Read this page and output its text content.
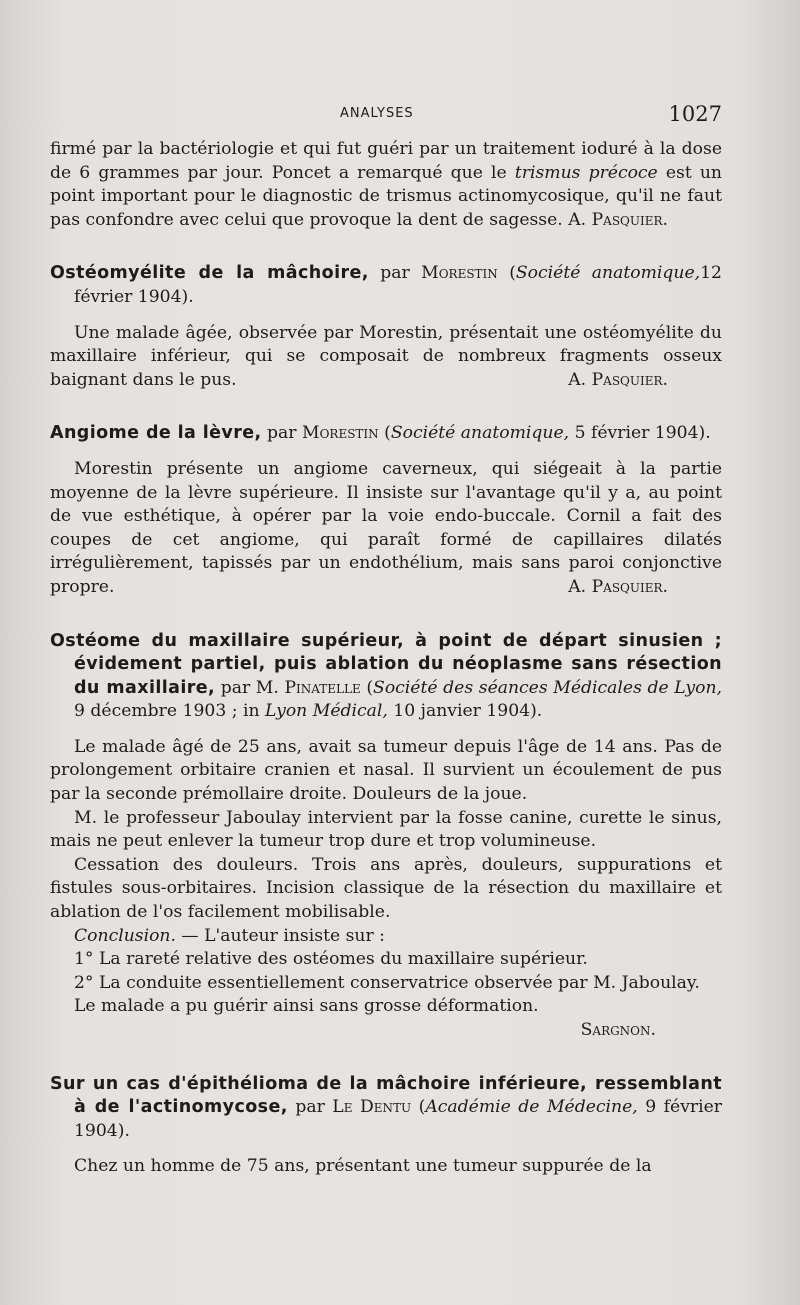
ANALYSES	1027

firmé par la bactériologie et qui fut guéri par un traitement ioduré à la dose de 6 grammes par jour. Poncet a remarqué que le trismus précoce est un point important pour le diagnostic de trismus actinomycosique, qu'il ne faut pas confondre avec celui que provoque la dent de sagesse. A. Pasquier.

Ostéomyélite de la mâchoire, par Morestin (Société anatomique,12 février 1904).

Une malade âgée, observée par Morestin, présentait une ostéomyélite du maxillaire inférieur, qui se composait de nombreux fragments osseux baignant dans le pus.	A. Pasquier.

Angiome de la lèvre, par Morestin (Société anatomique, 5 février 1904).

Morestin présente un angiome caverneux, qui siégeait à la partie moyenne de la lèvre supérieure. Il insiste sur l'avantage qu'il y a, au point de vue esthétique, à opérer par la voie endo-buccale. Cornil a fait des coupes de cet angiome, qui paraît formé de capillaires dilatés irrégulièrement, tapissés par un endothélium, mais sans paroi conjonctive propre.	A. Pasquier.

Ostéome du maxillaire supérieur, à point de départ sinusien ; évidement partiel, puis ablation du néoplasme sans résection du maxillaire, par M. Pinatelle (Société des séances Médicales de Lyon, 9 décembre 1903 ; in Lyon Médical, 10 janvier 1904).

Le malade âgé de 25 ans, avait sa tumeur depuis l'âge de 14 ans. Pas de prolongement orbitaire cranien et nasal. Il survient un écoulement de pus par la seconde prémollaire droite. Douleurs de la joue.

M. le professeur Jaboulay intervient par la fosse canine, curette le sinus, mais ne peut enlever la tumeur trop dure et trop volumineuse.

Cessation des douleurs. Trois ans après, douleurs, suppurations et fistules sous-orbitaires. Incision classique de la résection du maxillaire et ablation de l'os facilement mobilisable.

Conclusion. — L'auteur insiste sur :

1° La rareté relative des ostéomes du maxillaire supérieur.

2° La conduite essentiellement conservatrice observée par M. Jaboulay.

Le malade a pu guérir ainsi sans grosse déformation.

Sargnon.

Sur un cas d'épithélioma de la mâchoire inférieure, ressemblant à de l'actinomycose, par Le Dentu (Académie de Médecine, 9 février 1904).

Chez un homme de 75 ans, présentant une tumeur suppurée de la
